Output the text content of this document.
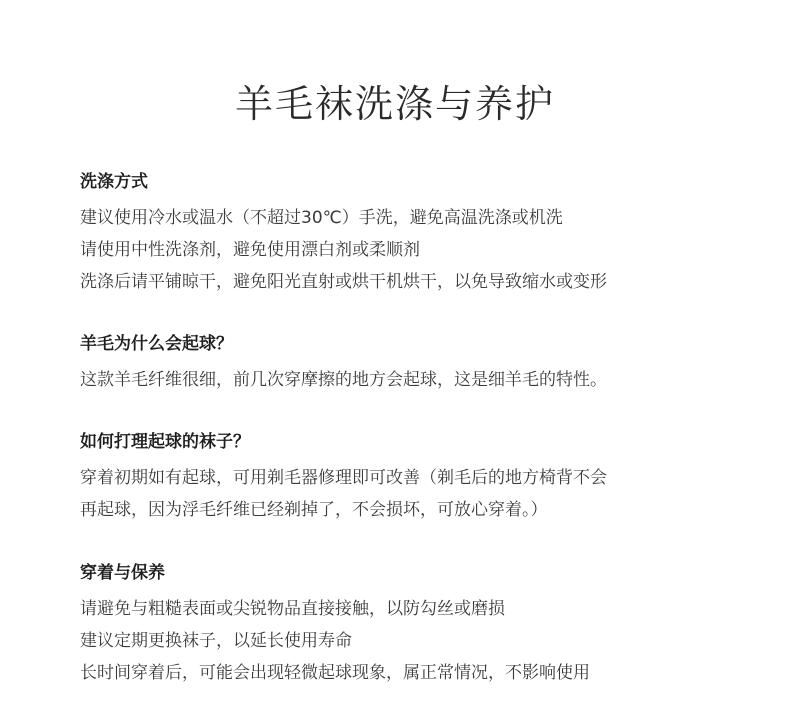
羊毛袜洗涤与养护
洗涤方式

建议使用冷水或温水（不超过30℃）手洗，避免高温洗涤或机洗

请使用中性洗涤剂，避免使用漂白剂或柔顺剂

洗涤后请平铺晾干，避免阳光直射或烘干机烘干，以免导致缩水或变形

羊毛为什么会起球？

这款羊毛纤维很细，前几次穿摩擦的地方会起球，这是细羊毛的特性。

如何打理起球的袜子？

穿着初期如有起球，可用剃毛器修理即可改善（剃毛后的地方椅背不会

再起球，因为浮毛纤维已经剃掉了，不会损坏，可放心穿着。）

穿着与保养

请避免与粗糙表面或尖锐物品直接接触，以防勾丝或磨损

建议定期更换袜子，以延长使用寿命

长时间穿着后，可能会出现轻微起球现象，属正常情况，不影响使用
